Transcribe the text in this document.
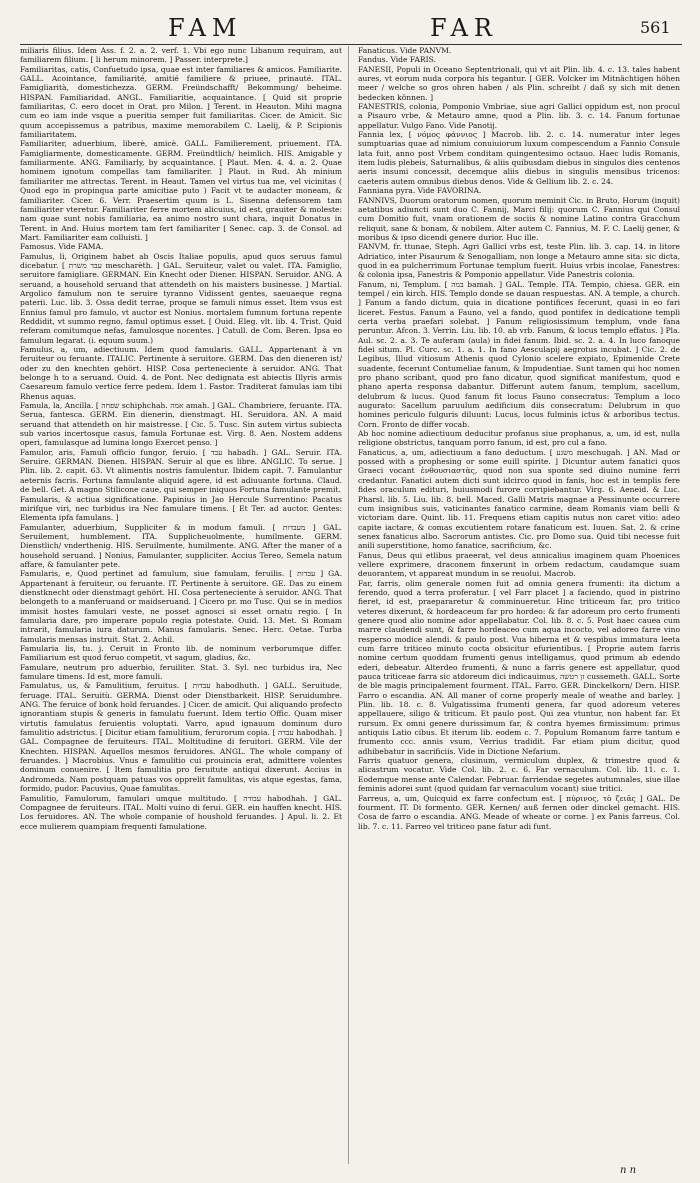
FAM	FAR	561

miliaris filius. Idem Ass. f. 2. a. 2. verf. 1. Vbi ego nunc Libanum requiram, aut familiarem filium. [ li herum minorem. ] Passer. interprete.]

Familiaritas, catis, Confuetudo ipsa, quae est inter familiares & amicos. Familiarite. GALL. Acointance, familiarité, amitié familiere & priuee, prinauté. ITAL. Famigliarità, domestichezza. GERM. Freündschafft/ Bekommung/ beheime. HISPAN. Familiaridad. ANGL. Familiaritie, acquaintance. [ Quid sit proprie familiaritas, C. eero docet in Orat. pro Milon. ] Terent. in Heauton. Mihi magna cum eo iam inde vsque a pueritia semper fuit familiaritas. Cicer. de Amicit. Sic quum accepissemus a patribus, maxime memorabilem C. Laelij, & P. Scipionis familiaritatem.

Familiariter, aduerbium, liberè, amicè. GALL. Familierement, priuement. ITA. Famigliarmente, domesticamente. GERM. Freündtlich/ heimlich. HIS. Amigable y familiarmente. ANG. Familiarly, by acquaintance. [ Plaut. Men. 4. 4. a. 2. Quae hominem ignotum compellas tam familiariter. ] Plaut. in Rud. Ah minium familiariter me attrectas. Terent. in Heaut. Tamen vel virtus tua me, vel vicinitas ( Quod ego in propinqua parte amicitiae puto ) Facit vt te audacter moneam, & familiariter. Cicer. 6. Verr. Praesertim quum is L. Sisenna defensorem tam familiariter vteretur. Familiariter ferre mortem alicuius, id est, grauiter & moleste: nam quae sunt nobis familiaria, ea animo nostro sunt chara, inquit Donatus in Terent. in And. Huius mortem tam fert familiariter [ Senec. cap. 3. de Consol. ad Mart. Familiariter eam colluisti. ]

Famosus. Vide FAMA.

Famulus, li, Originem habet ab Oscis Italiae populis, apud quos seruus famul dicebatur. [ עבד משרת mescharèth. ] GAL. Seruiteur, valet ou valet. ITA. Famiglio, seruitore famigliare. GERMAN. Ein Knecht oder Diener. HISPAN. Seruidor. ANG. A seruand, a household seruand that attendeth on his maisters businesse. ] Martial. Argolico famulum non te seruire tyranno Vidissent gentes, saeuaeque regna paterii. Luc. lib. 3. Ossa dedit terrae, proque se famuli nimus esset. Item vsus est Ennius famul pro famulo, vt auctor est Nonius. mortalem fumnum fortuna repente Reddidit, vt summo regno, famul optimus esset. [ Ouid. Eleg. vlt. lib. 4. Trist. Quid referam comitumque nefas, famulosque nocentes. ] Catull. de Com. Beren. Ipsa eo famulum legarat. (i. equum suum.)

Famulus, a, um, adiectiuum. Idem quod famularis. GALL. Appartenant à vn feruiteur ou feruante. ITALIC. Pertinente à seruitore. GERM. Das den dieneren ist/ oder zu den knechten gehört. HISP. Cosa perteneciente à seruidor. ANG. That belonge h to a seruand. Ouid. 4. de Pont. Nec dedignata est abiectis Illyris armis Caesareum famulo vertice ferre pedem. Idem 1. Fastor. Traditerat famulas iam tibi Rhenus aquas.

Famula, la, Ancilla. [ שפחה schiphchah. אמה amah. ] GAL. Chambriere, feruante. ITA. Serua, fantesca. GERM. Ein dienerin, dienstmagt. HI. Seruidora. AN. A maid seruand that attendeth on hir maistresse. [ Cic. 5. Tusc. Sin autem virtus subiecta sub varios incertosque casus, famula Fortunae est. Virg. 8. Aen. Nostem addens operi, famulasque ad lumina longo Exercet penso. ]

Famulor, aris, Famuli officio fungor, feruio. [ עבד habadh. ] GAL. Seruir. ITA. Seruire. GERMAN. Dienen. HISPAN. Seruir al que es libre. ANGLIC. To serue. ] Plin. lib. 2. capit. 63. Vt alimentis nostris famulentur. Ibidem capit. 7. Famulantur aeternis facris. Fortuna famulante aliquid agere, id est adiuuante fortuna. Claud. de bell. Get. A magno Stilicone caue, qui semper iniquos Fortuna famulante premit.

Famularis, & actiua significatione. Papinius in Jao Hercule Surrentino: Pacatus mirifque viri, nec turbidus ira Nec famulare timens. [ Et Ter. ad auctor. Gentes: Elementa ipfa famulans. ]

Famulanter, aduerbium, Suppliciter & in modum famuli. [ מעבדות ] GAL. Seruilement, humblement. ITA. Supplicheuolmente, humilmente. GERM. Dienstlich/ vnderthenig. HIS. Seruilmente, humilmente. ANG. After the maner of a household seruand. ] Nonius, Famulanter, suppliciter. Accius Tereo, Semela natum affare, & famulanter pete.

Famularis, e, Quod pertinet ad famulum, siue famulam, feruilis. [ עבדות ] GA. Appartenant à feruiteur, ou feruante. IT. Pertinente à seruitore. GE. Das zu einem dienstknecht oder dienstmagt gehört. HI. Cosa perteneciente à seruidor. ANG. That belongeth to a manferuand or maidseruand. ] Cicero pr. mo Tusc. Qui se in medios immisit hostes famulari veste, ne posset agnosci si esset ornatu regio. [ In famularia dare, pro imperare populo regia potestate. Ouid. 13. Met. Si Romam intrarit, famularia iura daturum. Manus famularis. Senec. Herc. Oetae. Turba famularis mensas instruit. Stat. 2. Achil.

Famularia lis, tu. j. Ceruit in Fronto lib. de nominum verborumque differ. Familiarium est quod feruo competit, vt sagum, gladius, &c.

Famulare, neutrum pro aduerbio, feruiliter. Stat. 3. Syl. nec turbidus ira, Nec famulare timens. Id est, more famuli.

Famulatus, us, & Famulitium, feruitus. [ עבדות habodhuth. ] GALL. Seruitude, feruage. ITAL. Seruitù. GERMA. Dienst oder Dienstbarkeit. HISP. Seruidumbre. ANG. The feruice of bonk hold feruandes. ] Cicer. de amicit. Qui aliquando profecto ignorantiam stupis & generis in famulatu fuerunt. Idem tertio Offic. Quam miser virtutis famulatus feruientis voluptati. Varro, apud ignauum dominum duro famulitio adstrictus. [ Dicitur etiam famulitium, ferurorum copia. [ עבדה habodhah. ] GAL. Compagnee de feruiteurs. ITAL. Moltitudine di feruitori. GERM. Vile der Knechten. HISPAN. Aquellos mesmos feruidores. ANGL. The whole company of feruandes. ] Macrobius. Vnus e famulitio cui prouincia erat, admittere volentes dominum conuenire. [ Item famulitia pro feruitute antiqui dixerunt. Accius in Andromeda. Nam postquam patuas vos opprelit famulitas, vis atque egestas, fama, formido, pudor. Pacuvius, Quae famulitas.

Famulitio, Famulorum, famulari umque multitudo. [ עבודה habodhah. ] GAL. Compagnee de feruiteurs. ITAL. Molti vuino di ferui. GER. ein hauffen knecht. HIS. Los feruidores. AN. The whole companie of houshold feruandes. ] Apul. li. 2. Et ecce mulierem quampiam frequenti famulatione.

Fanaticus. Vide PANVM.

Fandus. Vide FARIS.

FANESII, Populi in Oceano Septentrionali, qui vt ait Plin. lib. 4. c. 13. tales habent aures, vt eorum nuda corpora his tegantur. [ GER. Volcker im Mitnächtigen höhen meer / welche so gros ohren haben / als Plin. schreibt / daß sy sich mit denen bedecken können. ]

FANESTRIS, colonia, Pomponio Vmbriae, siue agri Gallici oppidum est, non procul a Pisauro vrbe, & Metauro amne, quod a Plin. lib. 3. c. 14. Fanum fortunae appellatur. Vulgo Fano. Vide Panotij.

Fannia lex, [ νόμος φάννιος ] Macrob. lib. 2. c. 14. numeratur inter leges sumptuarias quae ad nimium conuiuiorum luxum compescendum a Fannio Consule lata fuit, anno post Vrbem conditam quingentesimo octauo. Haec ludis Romanis, item ludis plebeis, Saturnalibus, & aliis quibusdam diebus in singulos dies centenos aeris insumi concessit, decemque aliis diebus in singulis mensibus tricenos: caeteris autem omnibus diebus denos. Vide & Gellium lib. 2. c. 24.

Fanniana pyra. Vide FAVORINA.

FANNIVS, Duorum oratorum nomen, quorum meminit Cic. in Bruto, Horum (inquit) aetatibus adiuncti sunt duo C. Fannij, Marci filij: quorum C. Fannius qui Consul cum Domitio fuit, vnam orationem de sociis & nomine Latino contra Gracchum reliquit, sane & bonam, & nobilem. Alter autem C. Fannius, M. F. C. Laelij gener, & moribus & ipso dicendi genere durior. Huc ille.

FANVM, fr. ttunae, Steph. Agri Gallici vrbs est, teste Plin. lib. 3. cap. 14. in litore Adriatico, inter Pisaurum & Senogalliam, non longe a Metauro amne sita: sic dicta, quod in ea pulcherrimum Fortunae templum fuerit. Huius vrbis incolae, Fanestres: & colonia ipsa, Fanestris & Pomponio appellatur. Vide Panestris colonia.

Fanum, ni, Templum. [ במה bamah. ] GAL. Temple. ITA. Tempio, chiesa. GER. ein tempel / ein kirch. HIS. Templo donde se dauan respuestas. AN. A temple, a church. ] Fanum a fando dictum, quia in dicatione pontifices fecerunt, quasi in eo fari liceret. Festus. Fanum a Fauno, vel a fando, quod pontifex in dedicatione templi certa verba praefari solebat. ] Fanum religiosissimum templum, vnde fana peruntur. Afcon. 3. Verrin. Liu. lib. 10. ab vrb. Fanum, & locus templo effatus. ] Pla. Aul. sc. 2. a. 3. Te auferam (aula) in fidei fanum. Ibid. sc. 2. a. 4. In luco fanoque fidei situm. Pl. Curc. sc. 1. a. 1. In fano Aesculapij aegrotus incubat. ] Cic. 2. de Legibus, Illud vitiosum Athenis quod Cylonio scelere expiato, Epimenide Crete suadente, fecerunt Contumeliae fanum, & Impudentiae. Sunt tamen qui hoc nomen pro phano scribant, quod pro fano dicatur, quod significat manifestum, quod e phano aperta responsa dabantur. Differunt autem fanum, templum, sacellum, delubrum & lucus. Quod fanum fit locus Fauno consecratus: Templum a loco augurato: Sacellum paruulum aedificium diis consecratum: Delubrum in quo homines periculo fulguris diluunt: Lucus, locus fulminis ictus & arboribus tectus. Corn. Fronto de differ vocab.

Ab hoc nomine adiectiuum deducitur profanus siue prophanus, a, um, id est, nulla religione obstrictus, tanquam porro fanum, id est, pro cul a fano.

Fanaticus, a, um, adiectiuum a fano deductum. [ משגע meschugah. ] AN. Mad or possed with a prophesing or some euill spirite. ] Dicuntur autem fanatici quos Graeci vocant ἐνθουσιαστὰς, quod non sua sponte sed diuino numine ferri credantur. Fanatici autem dicti sunt idcirco quod in fanis, hoc est in templis fere fides oraculum edituri, huiusmodi furore corripiebantur. Virg. 6. Aeneid. & Luc. Pharsl. lib. 5. Liu. lib. 8. bell. Maced. Galli Matris magnae a Pessinunte occurrere cum insignibus suis, vaticinantes fanatico carmine, deam Romanis viam belli & victoriam dare. Quint. lib. 11. Frequens etiam capitis nutus non caret vitio: adeo capite iactare, & comas excutientem rotare fanaticum est. Iuuen. Sat. 2. & crine senex fanaticus albo. Sacrorum antistes. Cic. pro Domo sua. Quid tibi necesse fuit anili superstitione, homo fanatice, sacrificium, &c.

Fanus, Deus qui etlibus praeerat, vel deus annicalius imaginem quam Phoenices vellere exprimere, draconem finxerunt in orbem redactum, caudamque suam deuorantem, vt appareat mundum in se reuolui. Macrob.

Far, farris, olim generale nomen fuit ad omnia genera frumenti: ita dictum a ferendo, quod a terra proferatur. [ vel Farr placet ] a faciendo, quod in pistrino fieret, id est, praepararetur & comminueretur. Hinc triticeum far, pro tritico veteres dixerunt, & hordeaceum far pro hordeo: & far adoreum pro certo frumenti genere quod alio nomine ador appellabatur. Col. lib. 8. c. 5. Post haec cauea cum marre claudendi sunt, & farre hordeaceo cum aqua incocto, vel adoreo farre vino resperso modice alendi. & paulo post. Vua hiberna et & vespibus immatura leeta cum farre triticeo minuto cocta obsicitur efurientibus. [ Proprie autem farris nomine certum quoddam frumenti genus intelligamus, quod primum ab edendo ederi, debeatur. Alterdeo frumenti, & nunc a farris genere est appellatur, quod pauca triticeae farra sic atdoreum dici indicauimus, זן רטשה cussemeth. GALL. Sorte de ble magis principalement fourment. ITAL. Farro. GER. Dinckelkorn/ Dern. HISP. Farro o escandia. AN. All maner of corne properly meale of weathe and barley. ] Plin. lib. 18. c. 8. Vulgatissima frumenti genera, far quod adoreum veteres appellauere, siligo & triticum. Et paulo post. Qui zea vtuntur, non habent far. Et rursum. Ex omni genere durissimum far, & contra hyemes firmissimum: primus antiquis Latio cibus. Et iterum lib. eodem c. 7. Populum Romanum farre tantum e frumento ccc. annis vsum, Verrius tradidit. Far etiam pium dicitur, quod adhibebatur in sacrificiis. Vide in Dictione Nefarium.

Farris quatuor genera, clusinum, vermiculum duplex, & trimestre quod & alicastrum vocatur. Vide Col. lib. 2. c. 6. Far vernaculum. Col. lib. 11. c. 1. Eodemque mense ante Calendar. Februar. farriendae segetes autumnales, siue illae feminis adorei sunt (quod quidam far vernaculum vocant) siue tritici.

Farreus, a, um, Quicquid ex farre confectum est. [ πύρινος, τὸ ζειᾶς ] GAL. De fourment. IT. Di formento. GER. Kernen/ auß fernen oder dinckel gemacht. HIS. Cosa de farro o escandia. ANG. Meade of wheate or corne. ] ex Panis farreus. Col. lib. 7. c. 11. Farreo vel triticeo pane fatur adi funt.

n n
